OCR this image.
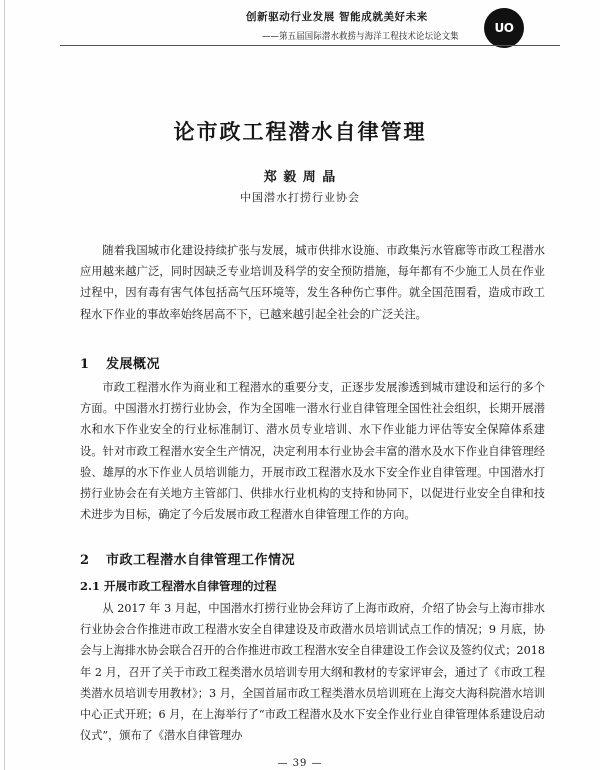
创新驱动行业发展 智能成就美好未来
——第五届国际潜水救捞与海洋工程技术论坛论文集
UO
论市政工程潜水自律管理
郑 毅 周 晶
中国潜水打捞行业协会
随着我国城市化建设持续扩张与发展，城市供排水设施、市政集污水管廊等市政工程潜水应用越来越广泛，同时因缺乏专业培训及科学的安全预防措施，每年都有不少施工人员在作业过程中，因有毒有害气体包括高气压环境等，发生各种伤亡事件。就全国范围看，造成市政工程水下作业的事故率始终居高不下，已越来越引起全社会的广泛关注。
1 发展概况
市政工程潜水作为商业和工程潜水的重要分支，正逐步发展渗透到城市建设和运行的多个方面。中国潜水打捞行业协会，作为全国唯一潜水行业自律管理全国性社会组织，长期开展潜水和水下作业安全的行业标准制订、潜水员专业培训、水下作业能力评估等安全保障体系建设。针对市政工程潜水安全生产情况，决定利用本行业协会丰富的潜水及水下作业自律管理经验、雄厚的水下作业人员培训能力，开展市政工程潜水及水下安全作业自律管理。中国潜水打捞行业协会在有关地方主管部门、供排水行业机构的支持和协同下，以促进行业安全自律和技术进步为目标，确定了今后发展市政工程潜水自律管理工作的方向。
2 市政工程潜水自律管理工作情况
2.1 开展市政工程潜水自律管理的过程
从 2017 年 3 月起，中国潜水打捞行业协会拜访了上海市政府，介绍了协会与上海市排水行业协会合作推进市政工程潜水安全自律建设及市政潜水员培训试点工作的情况；9 月底，协会与上海排水协会联合召开的合作推进市政工程潜水安全自律建设工作会议及签约仪式；2018 年 2 月，召开了关于市政工程类潜水员培训专用大纲和教材的专家评审会，通过了《市政工程类潜水员培训专用教材》；3 月，全国首届市政工程类潜水员培训班在上海交大海科院潜水培训中心正式开班；6 月，在上海举行了“市政工程潜水及水下安全作业行业自律管理体系建设启动仪式”，颁布了《潜水自律管理办
— 39 —
